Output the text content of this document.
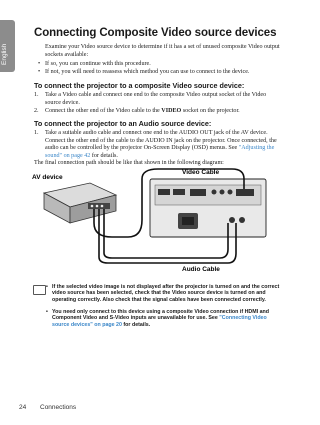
English
Connecting Composite Video source devices
Examine your Video source device to determine if it has a set of unused composite Video output sockets available:
• If so, you can continue with this procedure.
• If not, you will need to reassess which method you can use to connect to the device.
To connect the projector to a composite Video source device:
1. Take a Video cable and connect one end to the composite Video output socket of the Video source device.
2. Connect the other end of the Video cable to the VIDEO socket on the projector.
To connect the projector to an Audio source device:
1. Take a suitable audio cable and connect one end to the AUDIO OUT jack of the AV device. Connect the other end of the cable to the AUDIO IN jack on the projector. Once connected, the audio can be controlled by the projector On-Screen Display (OSD) menus. See "Adjusting the sound" on page 42 for details.
The final connection path should be like that shown in the following diagram:
AV device
Video Cable
Audio Cable
• If the selected video image is not displayed after the projector is turned on and the correct video source has been selected, check that the Video source device is turned on and operating correctly. Also check that the signal cables have been connected correctly.
• You need only connect to this device using a composite Video connection if HDMI and Component Video and S-Video inputs are unavailable for use. See "Connecting Video source devices" on page 20 for details.
24 Connections
